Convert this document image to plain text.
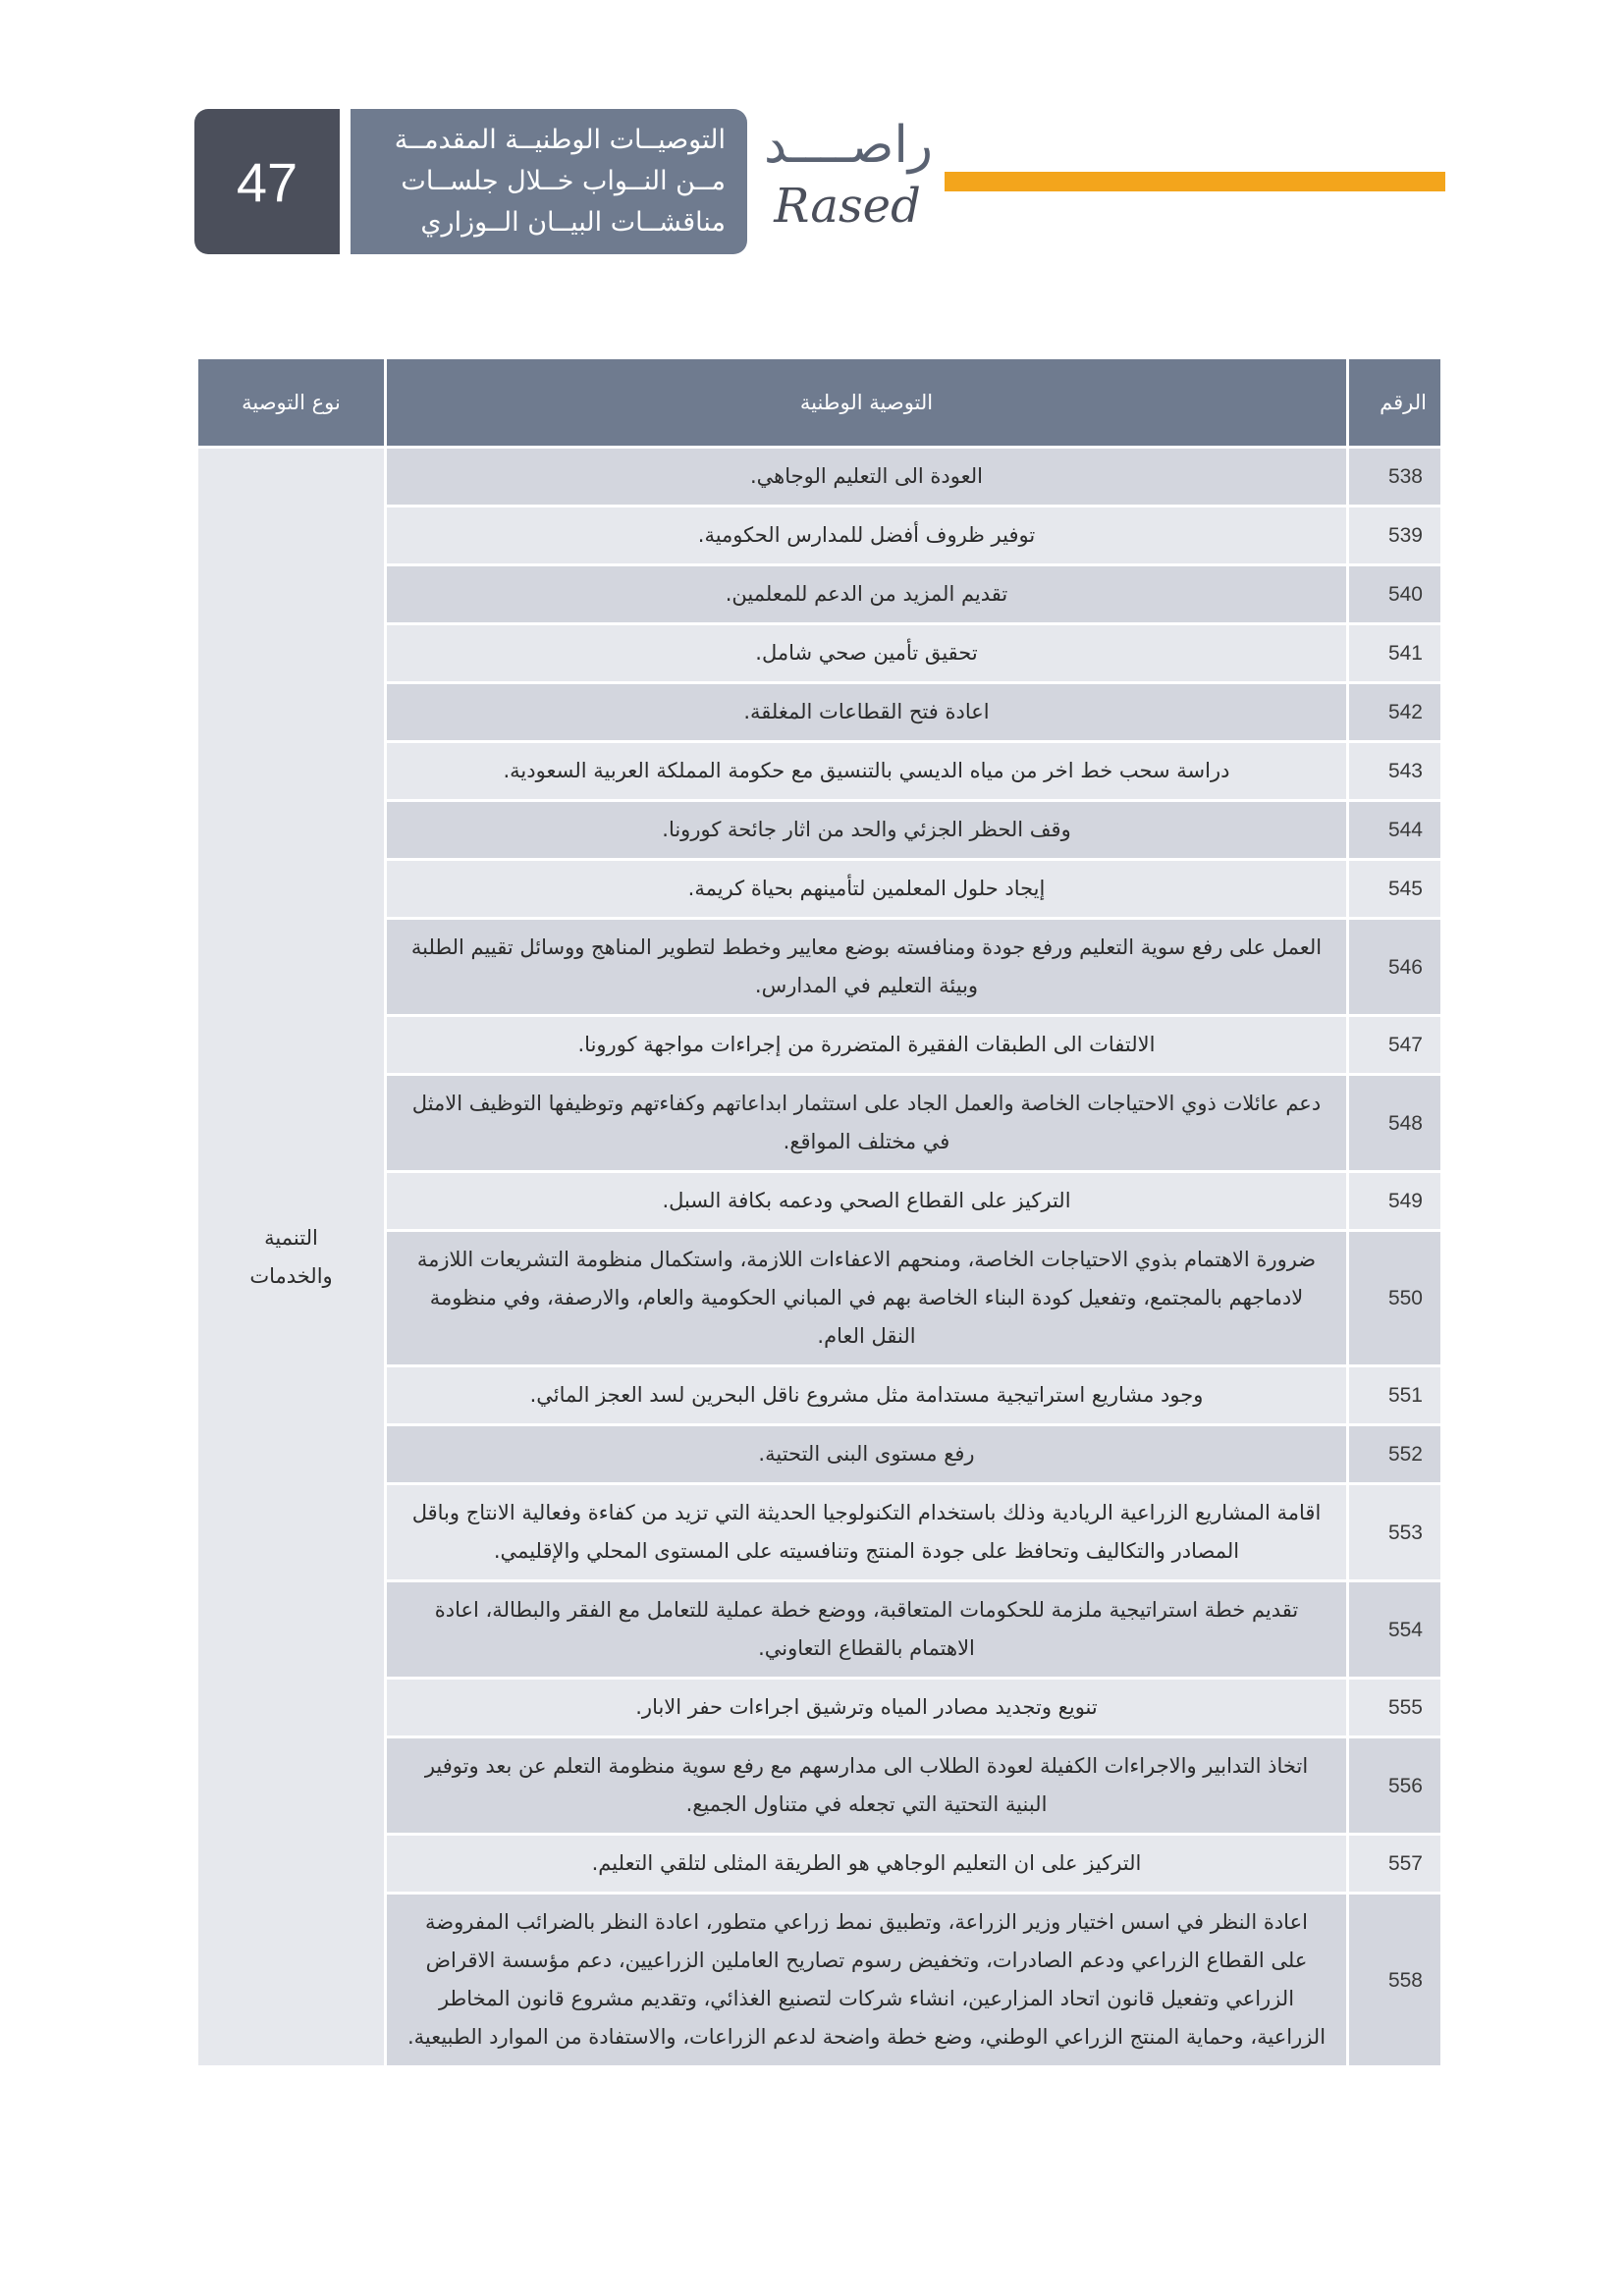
47
التوصيــات الوطنيــة المقدمــة
مــن النــواب خــلال جلســات
مناقشــات البيــان الــوزاري
راصــــد
Rased
الرقم	التوصية الوطنية	نوع التوصية
538	العودة الى التعليم الوجاهي.	التنمية
والخدمات

539	توفير ظروف أفضل للمدارس الحكومية.	
540	تقديم المزيد من الدعم للمعلمين.	
541	تحقيق تأمين صحي شامل.	
542	اعادة فتح القطاعات المغلقة.	
543	دراسة سحب خط اخر من مياه الديسي بالتنسيق مع حكومة المملكة العربية السعودية.	
544	وقف الحظر الجزئي والحد من اثار جائحة كورونا.	
545	إيجاد حلول المعلمين لتأمينهم بحياة كريمة.	
546	العمل على رفع سوية التعليم ورفع جودة ومنافسته بوضع معايير وخطط لتطوير المناهج ووسائل تقييم الطلبة وبيئة التعليم في المدارس.	
547	الالتفات الى الطبقات الفقيرة المتضررة من إجراءات مواجهة كورونا.	
548	دعم عائلات ذوي الاحتياجات الخاصة والعمل الجاد على استثمار ابداعاتهم وكفاءتهم وتوظيفها التوظيف الامثل في مختلف المواقع.	
549	التركيز على القطاع الصحي ودعمه بكافة السبل.	
550	ضرورة الاهتمام بذوي الاحتياجات الخاصة، ومنحهم الاعفاءات اللازمة، واستكمال منظومة التشريعات اللازمة لادماجهم بالمجتمع، وتفعيل كودة البناء الخاصة بهم في المباني الحكومية والعام، والارصفة، وفي منظومة النقل العام.	
551	وجود مشاريع استراتيجية مستدامة مثل مشروع ناقل البحرين لسد العجز المائي.	
552	رفع مستوى البنى التحتية.	
553	اقامة المشاريع الزراعية الريادية وذلك باستخدام التكنولوجيا الحديثة التي تزيد من كفاءة وفعالية الانتاج وباقل المصادر والتكاليف وتحافظ على جودة المنتج وتنافسيته على المستوى المحلي والإقليمي.	
554	تقديم خطة استراتيجية ملزمة للحكومات المتعاقبة، ووضع خطة عملية للتعامل مع الفقر والبطالة، اعادة الاهتمام بالقطاع التعاوني.	
555	تنويع وتجديد مصادر المياه وترشيق اجراءات حفر الابار.	
556	اتخاذ التدابير والاجراءات الكفيلة لعودة الطلاب الى مدارسهم مع رفع سوية منظومة التعلم عن بعد وتوفير البنية التحتية التي تجعله في متناول الجميع.	
557	التركيز على ان التعليم الوجاهي هو الطريقة المثلى لتلقي التعليم.	
558	اعادة النظر في اسس اختيار وزير الزراعة، وتطبيق نمط زراعي متطور، اعادة النظر بالضرائب المفروضة على القطاع الزراعي ودعم الصادرات، وتخفيض رسوم تصاريح العاملين الزراعيين، دعم مؤسسة الاقراض الزراعي وتفعيل قانون اتحاد المزارعين، انشاء شركات لتصنيع الغذائي، وتقديم مشروع قانون المخاطر الزراعية، وحماية المنتج الزراعي الوطني، وضع خطة واضحة لدعم الزراعات، والاستفادة من الموارد الطبيعية.	
